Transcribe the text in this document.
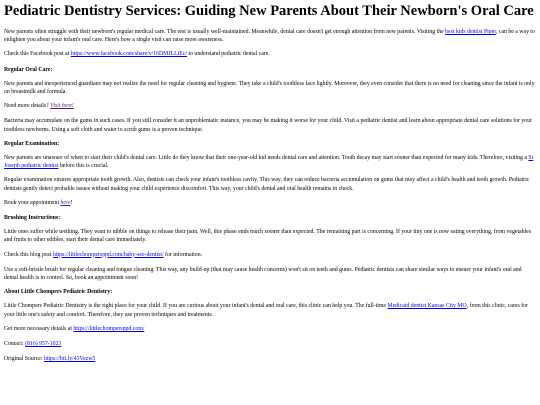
Pediatric Dentistry Services: Guiding New Parents About Their Newborn's Oral Care

New parents often struggle with their newborn's regular medical care. The rest is usually well-maintained. Meanwhile, dental care doesn't get enough attention from new parents. Visiting the best kids dentist Piper, can be a way to enlighten you about your infant's oral care. Here's how a single visit can raise more awareness.

Check this Facebook post at https://www.facebook.com/share/v/16DMJLLtEc/ to understand pediatric dental care.

Regular Oral Care:

New parents and inexperienced guardians may not realize the need for regular cleaning and hygiene. They take a child's toothless face lightly. Moreover, they even consider that there is no need for cleaning since the infant is only on breastmilk and formula.

Need more details? Visit here!

Bacteria may accumulate on the gums in such cases. If you still consider it an unproblematic instance, you may be making it worse for your child. Visit a pediatric dentist and learn about appropriate dental care solutions for your toothless newborns. Using a soft cloth and water to scrub gums is a proven technique.

Regular Examination:

New parents are unaware of when to start their child's dental care. Little do they know that their one-year-old kid needs dental care and attention. Tooth decay may start sooner than expected for many kids. Therefore, visiting a St Joseph pediatric dentist before this is crucial.

Regular examination ensures appropriate tooth growth. Also, dentists can check your infant's toothless cavity. This way, they can reduce bacteria accumulation on gums that may affect a child's health and teeth growth. Pediatric dentists gently detect probable issues without making your child experience discomfort. This way, your child's dental and oral health remains in check.

Book your appointment here!

Brushing Instructions:

Little ones suffer while teething. They want to nibble on things to release their pain. Well, this phase ends much sooner than expected. The remaining part is concerning. If your tiny one is now eating everything, from vegetables and fruits to other edibles, start their dental care immediately.

Check this blog post https://littlechompersppd.com/baby-see-dentist/ for information.

Use a soft-bristle brush for regular cleaning and tongue cleaning. This way, any build-up (that may cause health concerns) won't sit on teeth and gums. Pediatric dentists can share similar ways to ensure your infant's oral and dental health is in control. So, book an appointment soon!

About Little Chompers Pediatric Dentistry:

Little Chompers Pediatric Dentistry is the right place for your child. If you are curious about your infant's dental and oral care, this clinic can help you. The full-time Medicaid dentist Kansas City MO, from this clinic, cares for your little one's safety and comfort. Therefore, they use proven techniques and treatments.

Get more necessary details at https://littlechompersppd.com/

Contact: (816) 957-1023

Original Source: https://bit.ly/43Vezw5
